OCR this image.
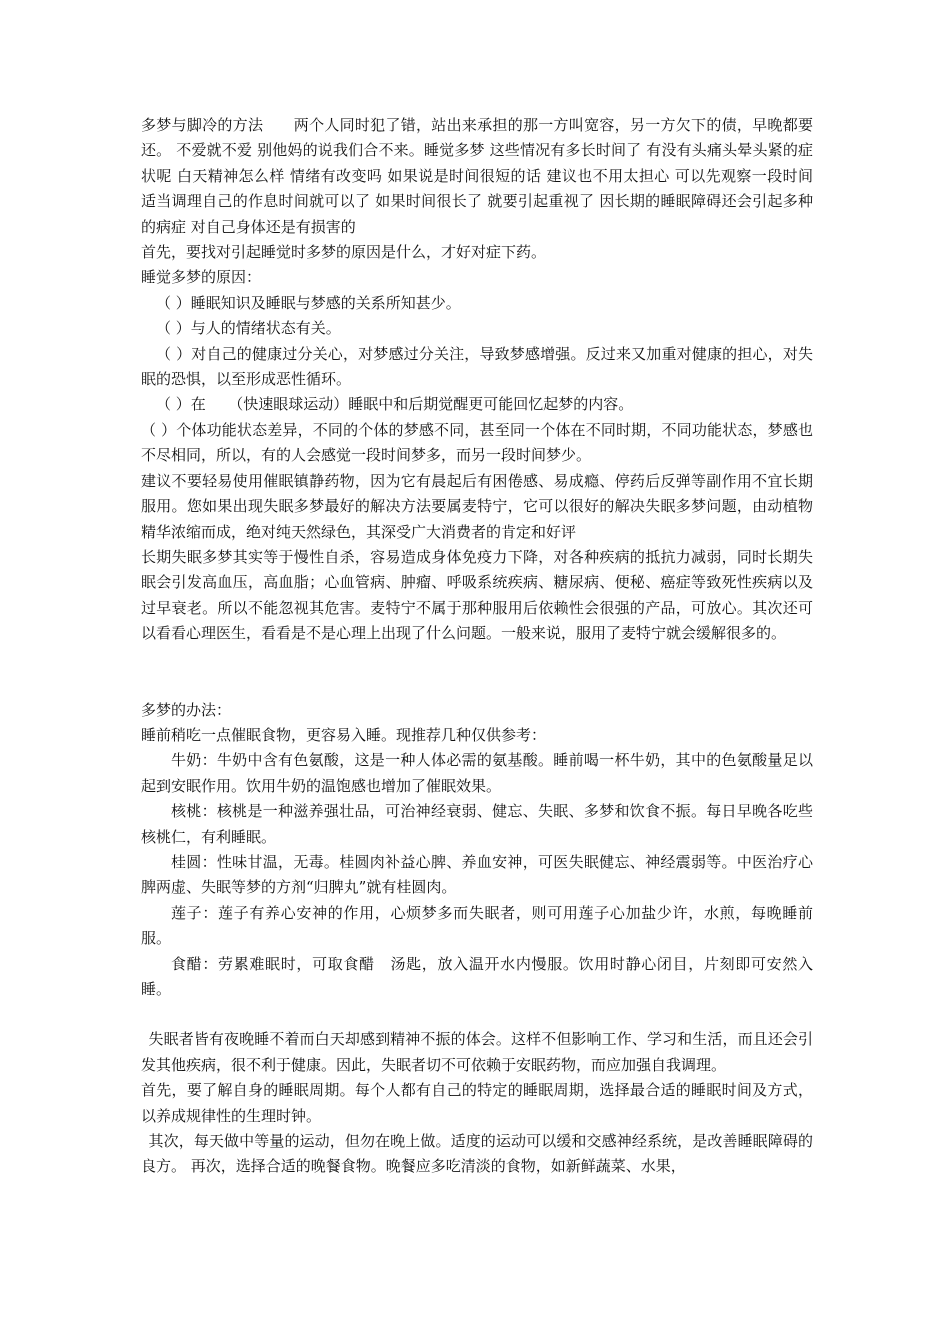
多梦与脚冷的方法　　两个人同时犯了错，站出来承担的那一方叫宽容，另一方欠下的债，早晚都要还。 不爱就不爱 别他妈的说我们合不来。睡觉多梦 这些情况有多长时间了 有没有头痛头晕头紧的症状呢 白天精神怎么样 情绪有改变吗 如果说是时间很短的话 建议也不用太担心 可以先观察一段时间 适当调理自己的作息时间就可以了 如果时间很长了 就要引起重视了 因长期的睡眠障碍还会引起多种的病症 对自己身体还是有损害的

首先，要找对引起睡觉时多梦的原因是什么，才好对症下药。

睡觉多梦的原因：

（ ）睡眠知识及睡眠与梦感的关系所知甚少。

（ ）与人的情绪状态有关。

（ ）对自己的健康过分关心，对梦感过分关注，导致梦感增强。反过来又加重对健康的担心，对失眠的恐惧，以至形成恶性循环。

（ ）在　　（快速眼球运动）睡眠中和后期觉醒更可能回忆起梦的内容。

（ ）个体功能状态差异，不同的个体的梦感不同，甚至同一个体在不同时期，不同功能状态，梦感也不尽相同，所以，有的人会感觉一段时间梦多，而另一段时间梦少。

建议不要轻易使用催眠镇静药物，因为它有晨起后有困倦感、易成瘾、停药后反弹等副作用不宜长期服用。您如果出现失眠多梦最好的解决方法要属麦特宁，它可以很好的解决失眠多梦问题，由动植物精华浓缩而成，绝对纯天然绿色，其深受广大消费者的肯定和好评

长期失眠多梦其实等于慢性自杀，容易造成身体免疫力下降，对各种疾病的抵抗力减弱，同时长期失眠会引发高血压，高血脂；心血管病、肿瘤、呼吸系统疾病、糖尿病、便秘、癌症等致死性疾病以及过早衰老。所以不能忽视其危害。麦特宁不属于那种服用后依赖性会很强的产品，可放心。其次还可以看看心理医生，看看是不是心理上出现了什么问题。一般来说，服用了麦特宁就会缓解很多的。

多梦的办法：

睡前稍吃一点催眠食物，更容易入睡。现推荐几种仅供参考：

牛奶：牛奶中含有色氨酸，这是一种人体必需的氨基酸。睡前喝一杯牛奶，其中的色氨酸量足以起到安眠作用。饮用牛奶的温饱感也增加了催眠效果。

核桃：核桃是一种滋养强壮品，可治神经衰弱、健忘、失眠、多梦和饮食不振。每日早晚各吃些核桃仁，有利睡眠。

桂圆：性味甘温，无毒。桂圆肉补益心脾、养血安神，可医失眠健忘、神经震弱等。中医治疗心脾两虚、失眠等梦的方剂“归脾丸”就有桂圆肉。

莲子：莲子有养心安神的作用，心烦梦多而失眠者，则可用莲子心加盐少许，水煎，每晚睡前服。

食醋：劳累难眠时，可取食醋　汤匙，放入温开水内慢服。饮用时静心闭目，片刻即可安然入睡。

失眠者皆有夜晚睡不着而白天却感到精神不振的体会。这样不但影响工作、学习和生活，而且还会引发其他疾病，很不利于健康。因此，失眠者切不可依赖于安眠药物，而应加强自我调理。

首先，要了解自身的睡眠周期。每个人都有自己的特定的睡眠周期，选择最合适的睡眠时间及方式，以养成规律性的生理时钟。

其次，每天做中等量的运动，但勿在晚上做。适度的运动可以缓和交感神经系统，是改善睡眠障碍的良方。 再次，选择合适的晚餐食物。晚餐应多吃清淡的食物，如新鲜蔬菜、水果，
